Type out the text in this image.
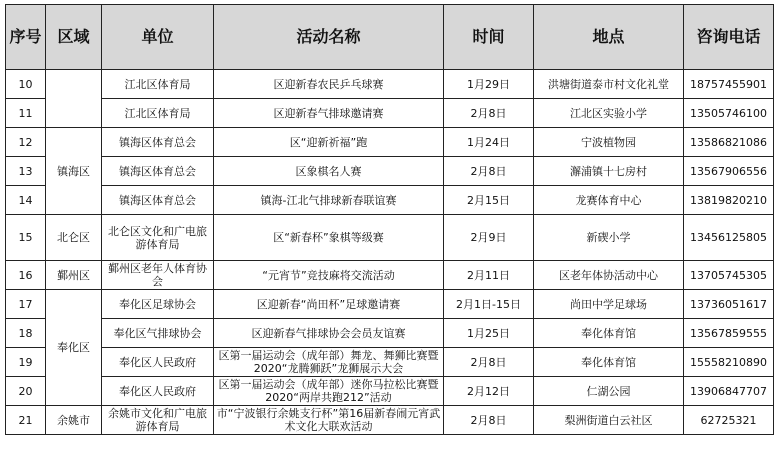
序号	区域	单位	活动名称	时间	地点	咨询电话
10		江北区体育局	区迎新春农民乒乓球赛	1月29日	洪塘街道泰市村文化礼堂	18757455901
11		江北区体育局	区迎新春气排球邀请赛	2月8日	江北区实验小学	13505746100
12	镇海区	镇海区体育总会	区“迎新祈福”跑	1月24日	宁波植物园	13586821086
13		镇海区体育总会	区象棋名人赛	2月8日	澥浦镇十七房村	13567906556
14		镇海区体育总会	镇海-江北气排球新春联谊赛	2月15日	龙赛体育中心	13819820210
15	北仑区	北仑区文化和广电旅游体育局	区“新春杯”象棋等级赛	2月9日	新碶小学	13456125805
16	鄞州区	鄞州区老年人体育协会	“元宵节”竞技麻将交流活动	2月11日	区老年体协活动中心	13705745305
17	奉化区	奉化区足球协会	区迎新春“尚田杯”足球邀请赛	2月1日-15日	尚田中学足球场	13736051617
18		奉化区气排球协会	区迎新春气排球协会会员友谊赛	1月25日	奉化体育馆	13567859555
19		奉化区人民政府	区第一届运动会（成年部）舞龙、舞狮比赛暨2020“龙腾狮跃”龙狮展示大会	2月8日	奉化体育馆	15558210890
20		奉化区人民政府	区第一届运动会（成年部）迷你马拉松比赛暨2020“两岸共跑212”活动	2月12日	仁湖公园	13906847707
21	余姚市	余姚市文化和广电旅游体育局	市“宁波银行余姚支行杯”第16届新春闹元宵武术文化大联欢活动	2月8日	梨洲街道白云社区	62725321
